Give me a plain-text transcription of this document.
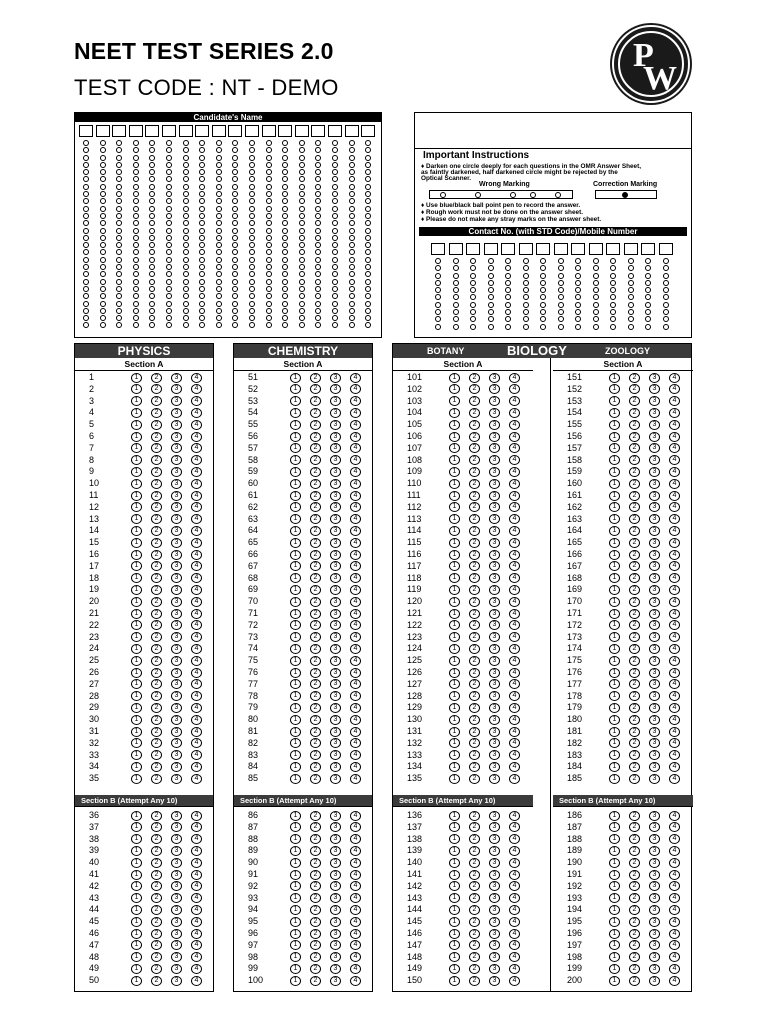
NEET TEST SERIES 2.0
TEST CODE : NT - DEMO
P
W
Candidate's Name
Important Instructions
♦ Darken one circle deeply for each questions in the OMR Answer Sheet,
as faintly darkened, half darkened circle might be rejected by the
Optical Scanner.
Wrong Marking	Correction Marking
♦ Use blue/black ball point pen to record the answer.
♦ Rough work must not be done on the answer sheet.
♦ Please do not make any stray marks on the answer sheet.
Contact No. (with STD Code)/Mobile Number
PHYSICS
Section A
1	1	2	3	4
2	1	2	3	4
3	1	2	3	4
4	1	2	3	4
5	1	2	3	4
6	1	2	3	4
7	1	2	3	4
8	1	2	3	4
9	1	2	3	4
10	1	2	3	4
11	1	2	3	4
12	1	2	3	4
13	1	2	3	4
14	1	2	3	4
15	1	2	3	4
16	1	2	3	4
17	1	2	3	4
18	1	2	3	4
19	1	2	3	4
20	1	2	3	4
21	1	2	3	4
22	1	2	3	4
23	1	2	3	4
24	1	2	3	4
25	1	2	3	4
26	1	2	3	4
27	1	2	3	4
28	1	2	3	4
29	1	2	3	4
30	1	2	3	4
31	1	2	3	4
32	1	2	3	4
33	1	2	3	4
34	1	2	3	4
35	1	2	3	4
Section B (Attempt Any 10)
36	1	2	3	4
37	1	2	3	4
38	1	2	3	4
39	1	2	3	4
40	1	2	3	4
41	1	2	3	4
42	1	2	3	4
43	1	2	3	4
44	1	2	3	4
45	1	2	3	4
46	1	2	3	4
47	1	2	3	4
48	1	2	3	4
49	1	2	3	4
50	1	2	3	4
CHEMISTRY
Section A
51	1	2	3	4
52	1	2	3	4
53	1	2	3	4
54	1	2	3	4
55	1	2	3	4
56	1	2	3	4
57	1	2	3	4
58	1	2	3	4
59	1	2	3	4
60	1	2	3	4
61	1	2	3	4
62	1	2	3	4
63	1	2	3	4
64	1	2	3	4
65	1	2	3	4
66	1	2	3	4
67	1	2	3	4
68	1	2	3	4
69	1	2	3	4
70	1	2	3	4
71	1	2	3	4
72	1	2	3	4
73	1	2	3	4
74	1	2	3	4
75	1	2	3	4
76	1	2	3	4
77	1	2	3	4
78	1	2	3	4
79	1	2	3	4
80	1	2	3	4
81	1	2	3	4
82	1	2	3	4
83	1	2	3	4
84	1	2	3	4
85	1	2	3	4
Section B (Attempt Any 10)
86	1	2	3	4
87	1	2	3	4
88	1	2	3	4
89	1	2	3	4
90	1	2	3	4
91	1	2	3	4
92	1	2	3	4
93	1	2	3	4
94	1	2	3	4
95	1	2	3	4
96	1	2	3	4
97	1	2	3	4
98	1	2	3	4
99	1	2	3	4
100	1	2	3	4
BOTANY	BIOLOGY	ZOOLOGY
Section A
101	1	2	3	4
102	1	2	3	4
103	1	2	3	4
104	1	2	3	4
105	1	2	3	4
106	1	2	3	4
107	1	2	3	4
108	1	2	3	4
109	1	2	3	4
110	1	2	3	4
111	1	2	3	4
112	1	2	3	4
113	1	2	3	4
114	1	2	3	4
115	1	2	3	4
116	1	2	3	4
117	1	2	3	4
118	1	2	3	4
119	1	2	3	4
120	1	2	3	4
121	1	2	3	4
122	1	2	3	4
123	1	2	3	4
124	1	2	3	4
125	1	2	3	4
126	1	2	3	4
127	1	2	3	4
128	1	2	3	4
129	1	2	3	4
130	1	2	3	4
131	1	2	3	4
132	1	2	3	4
133	1	2	3	4
134	1	2	3	4
135	1	2	3	4
Section B (Attempt Any 10)
136	1	2	3	4
137	1	2	3	4
138	1	2	3	4
139	1	2	3	4
140	1	2	3	4
141	1	2	3	4
142	1	2	3	4
143	1	2	3	4
144	1	2	3	4
145	1	2	3	4
146	1	2	3	4
147	1	2	3	4
148	1	2	3	4
149	1	2	3	4
150	1	2	3	4
Section A
151	1	2	3	4
152	1	2	3	4
153	1	2	3	4
154	1	2	3	4
155	1	2	3	4
156	1	2	3	4
157	1	2	3	4
158	1	2	3	4
159	1	2	3	4
160	1	2	3	4
161	1	2	3	4
162	1	2	3	4
163	1	2	3	4
164	1	2	3	4
165	1	2	3	4
166	1	2	3	4
167	1	2	3	4
168	1	2	3	4
169	1	2	3	4
170	1	2	3	4
171	1	2	3	4
172	1	2	3	4
173	1	2	3	4
174	1	2	3	4
175	1	2	3	4
176	1	2	3	4
177	1	2	3	4
178	1	2	3	4
179	1	2	3	4
180	1	2	3	4
181	1	2	3	4
182	1	2	3	4
183	1	2	3	4
184	1	2	3	4
185	1	2	3	4
Section B (Attempt Any 10)
186	1	2	3	4
187	1	2	3	4
188	1	2	3	4
189	1	2	3	4
190	1	2	3	4
191	1	2	3	4
192	1	2	3	4
193	1	2	3	4
194	1	2	3	4
195	1	2	3	4
196	1	2	3	4
197	1	2	3	4
198	1	2	3	4
199	1	2	3	4
200	1	2	3	4
